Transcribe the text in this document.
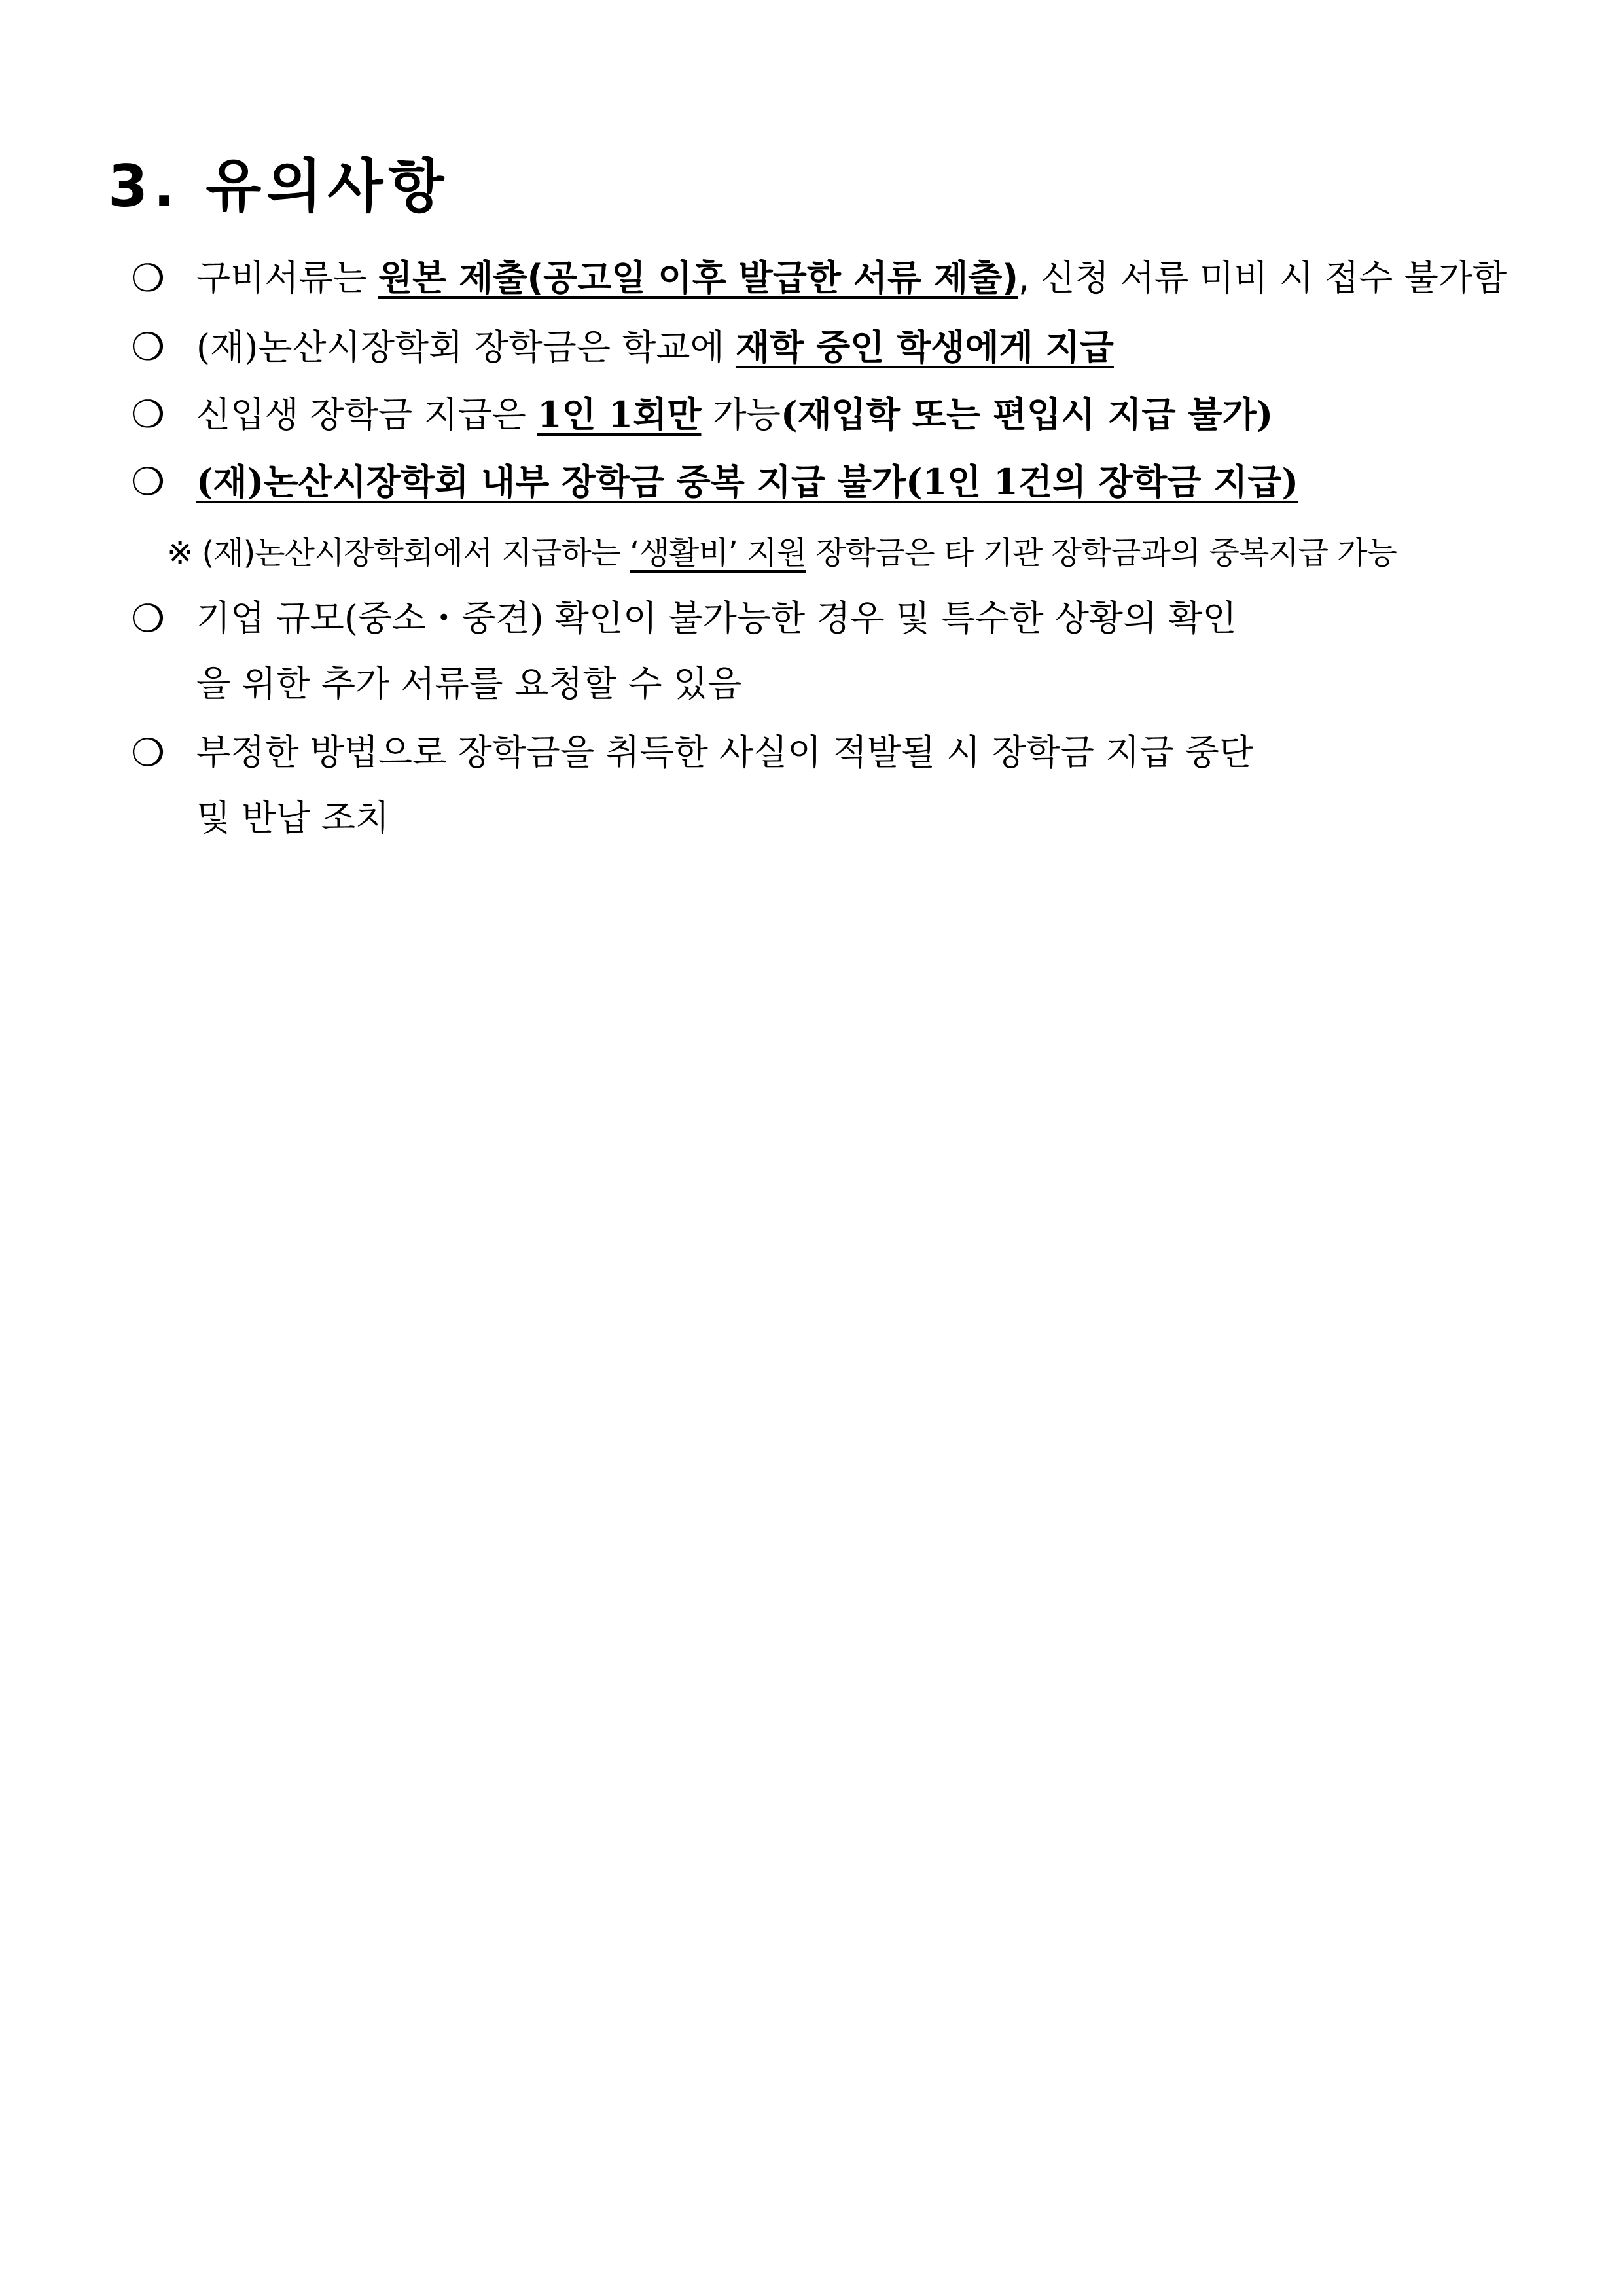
3. 유의사항
❍ 구비서류는 원본 제출(공고일 이후 발급한 서류 제출), 신청 서류 미비 시 접수 불가함
❍ (재)논산시장학회 장학금은 학교에 재학 중인 학생에게 지급
❍ 신입생 장학금 지급은 1인 1회만 가능(재입학 또는 편입시 지급 불가)
❍ (재)논산시장학회 내부 장학금 중복 지급 불가(1인 1건의 장학금 지급)
※ (재)논산시장학회에서 지급하는 ‘생활비’ 지원 장학금은 타 기관 장학금과의 중복지급 가능
❍ 기업 규모(중소・중견) 확인이 불가능한 경우 및 특수한 상황의 확인
을 위한 추가 서류를 요청할 수 있음
❍ 부정한 방법으로 장학금을 취득한 사실이 적발될 시 장학금 지급 중단
및 반납 조치
